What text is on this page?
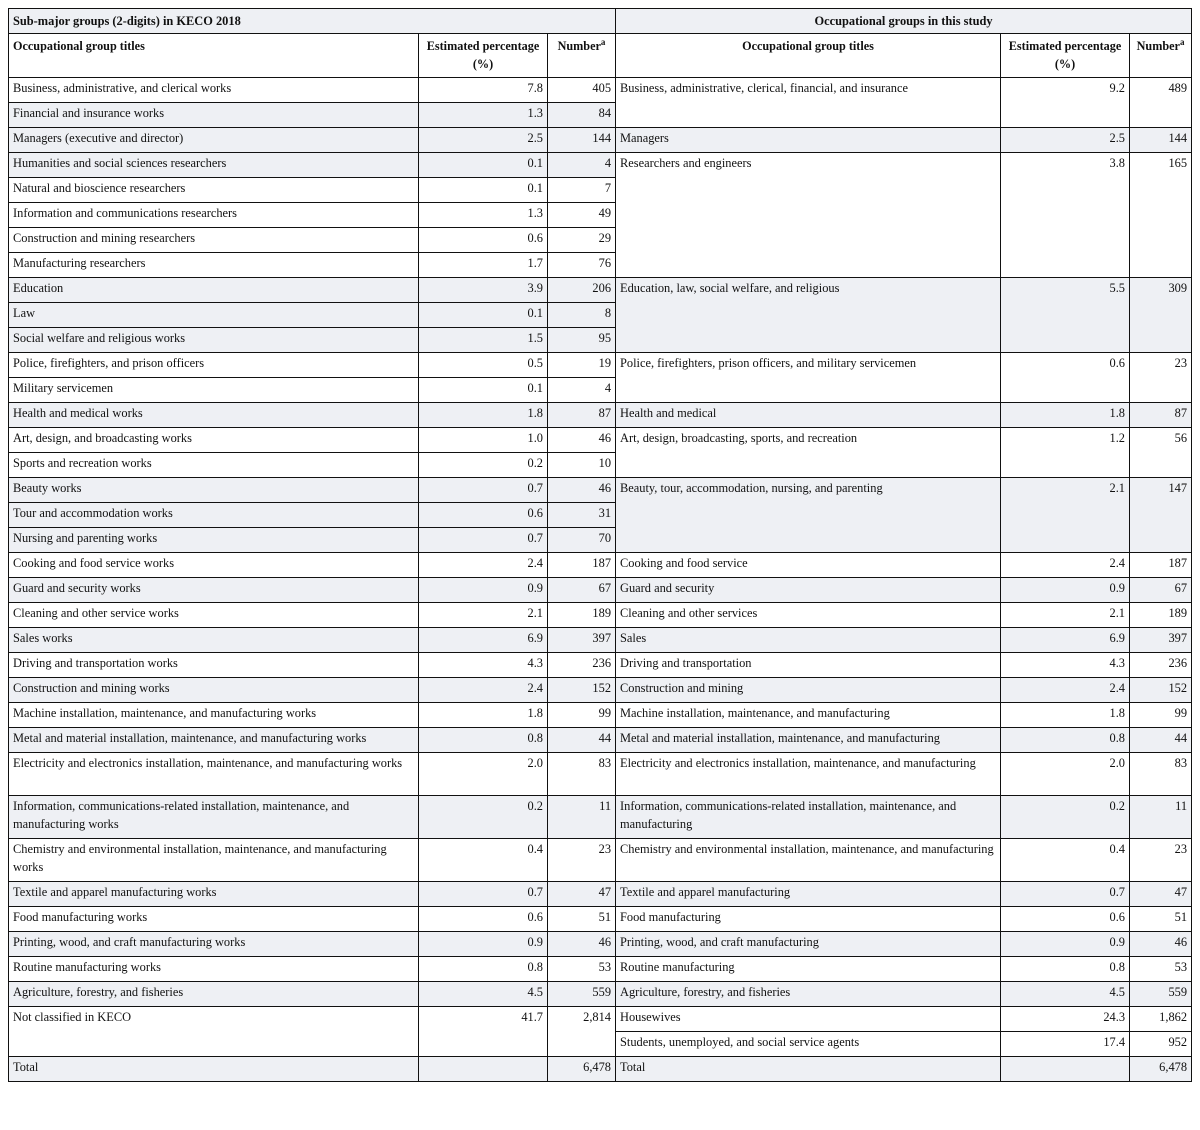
Sub-major groups (2-digits) in KECO 2018			Occupational groups in this study		
Occupational group titles	Estimated percentage (%)	Number$^a$	Occupational group titles	Estimated percentage (%)	Number$^a$
Business, administrative, and clerical works	7.8	405	Business, administrative, clerical, financial, and insurance	9.2	489
Financial and insurance works	1.3	84			
Managers (executive and director)	2.5	144	Managers	2.5	144
Humanities and social sciences researchers	0.1	4	Researchers and engineers	3.8	165
Natural and bioscience researchers	0.1	7			
Information and communications researchers	1.3	49			
Construction and mining researchers	0.6	29			
Manufacturing researchers	1.7	76			
Education	3.9	206	Education, law, social welfare, and religious	5.5	309
Law	0.1	8			
Social welfare and religious works	1.5	95			
Police, firefighters, and prison officers	0.5	19	Police, firefighters, prison officers, and military servicemen	0.6	23
Military servicemen	0.1	4			
Health and medical works	1.8	87	Health and medical	1.8	87
Art, design, and broadcasting works	1.0	46	Art, design, broadcasting, sports, and recreation	1.2	56
Sports and recreation works	0.2	10			
Beauty works	0.7	46	Beauty, tour, accommodation, nursing, and parenting	2.1	147
Tour and accommodation works	0.6	31			
Nursing and parenting works	0.7	70			
Cooking and food service works	2.4	187	Cooking and food service	2.4	187
Guard and security works	0.9	67	Guard and security	0.9	67
Cleaning and other service works	2.1	189	Cleaning and other services	2.1	189
Sales works	6.9	397	Sales	6.9	397
Driving and transportation works	4.3	236	Driving and transportation	4.3	236
Construction and mining works	2.4	152	Construction and mining	2.4	152
Machine installation, maintenance, and manufacturing works	1.8	99	Machine installation, maintenance, and manufacturing	1.8	99
Metal and material installation, maintenance, and manufacturing works	0.8	44	Metal and material installation, maintenance, and manufacturing	0.8	44
Electricity and electronics installation, maintenance, and manufacturing works	2.0	83	Electricity and electronics installation, maintenance, and manufacturing	2.0	83
Information, communications-related installation, maintenance, and manufacturing works	0.2	11	Information, communications-related installation, maintenance, and manufacturing	0.2	11
Chemistry and environmental installation, maintenance, and manufacturing works	0.4	23	Chemistry and environmental installation, maintenance, and manufacturing	0.4	23
Textile and apparel manufacturing works	0.7	47	Textile and apparel manufacturing	0.7	47
Food manufacturing works	0.6	51	Food manufacturing	0.6	51
Printing, wood, and craft manufacturing works	0.9	46	Printing, wood, and craft manufacturing	0.9	46
Routine manufacturing works	0.8	53	Routine manufacturing	0.8	53
Agriculture, forestry, and fisheries	4.5	559	Agriculture, forestry, and fisheries	4.5	559
Not classified in KECO	41.7	2,814	Housewives	24.3	1,862
			Students, unemployed, and social service agents	17.4	952
Total		6,478	Total		6,478
